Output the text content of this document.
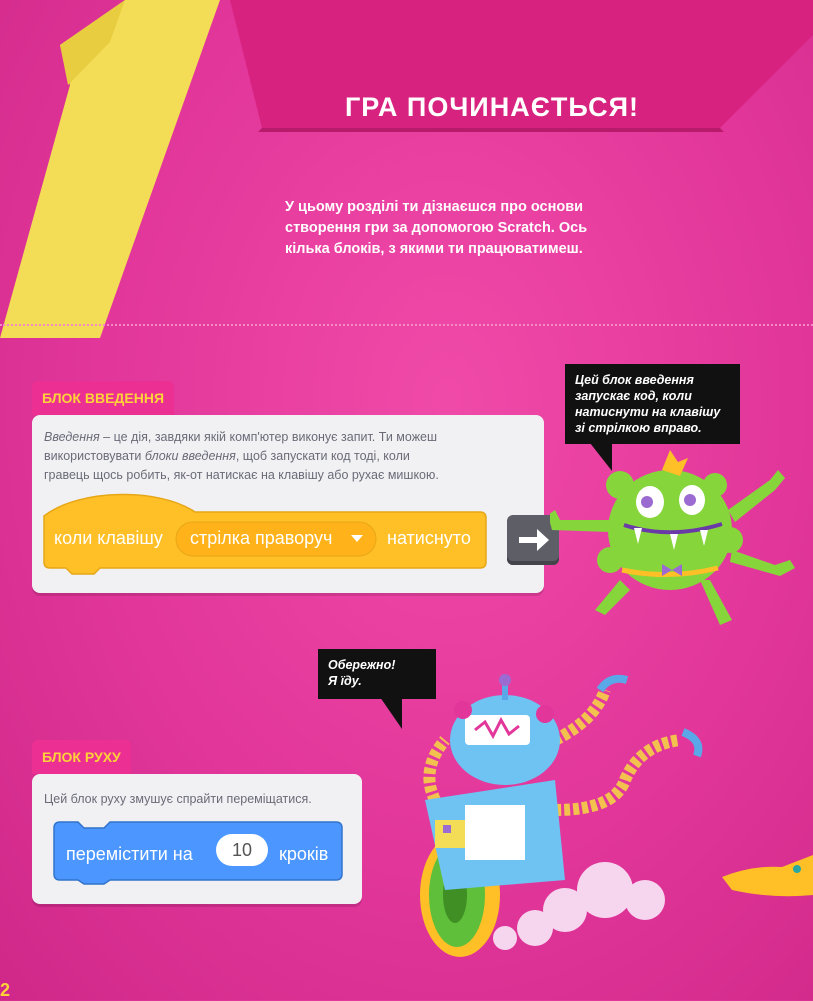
ГРА ПОЧИНАЄТЬСЯ!
У цьому розділі ти дізнаєшся про основи
створення гри за допомогою Scratch. Ось
кілька блоків, з якими ти працюватимеш.
БЛОК ВВЕДЕННЯ
Введення – це дія, завдяки якій комп'ютер виконує запит. Ти можеш
використовувати блоки введення, щоб запускати код тоді, коли
гравець щось робить, як-от натискає на клавішу або рухає мишкою.
коли клавішу стрілка праворуч	натиснуто
Цей блок введення
запускає код, коли
натиснути на клавішу
зі стрілкою вправо.
БЛОК РУХУ
Цей блок руху змушує спрайти переміщатися.
перемістити на	10	кроків
Обережно!
Я їду.
2
